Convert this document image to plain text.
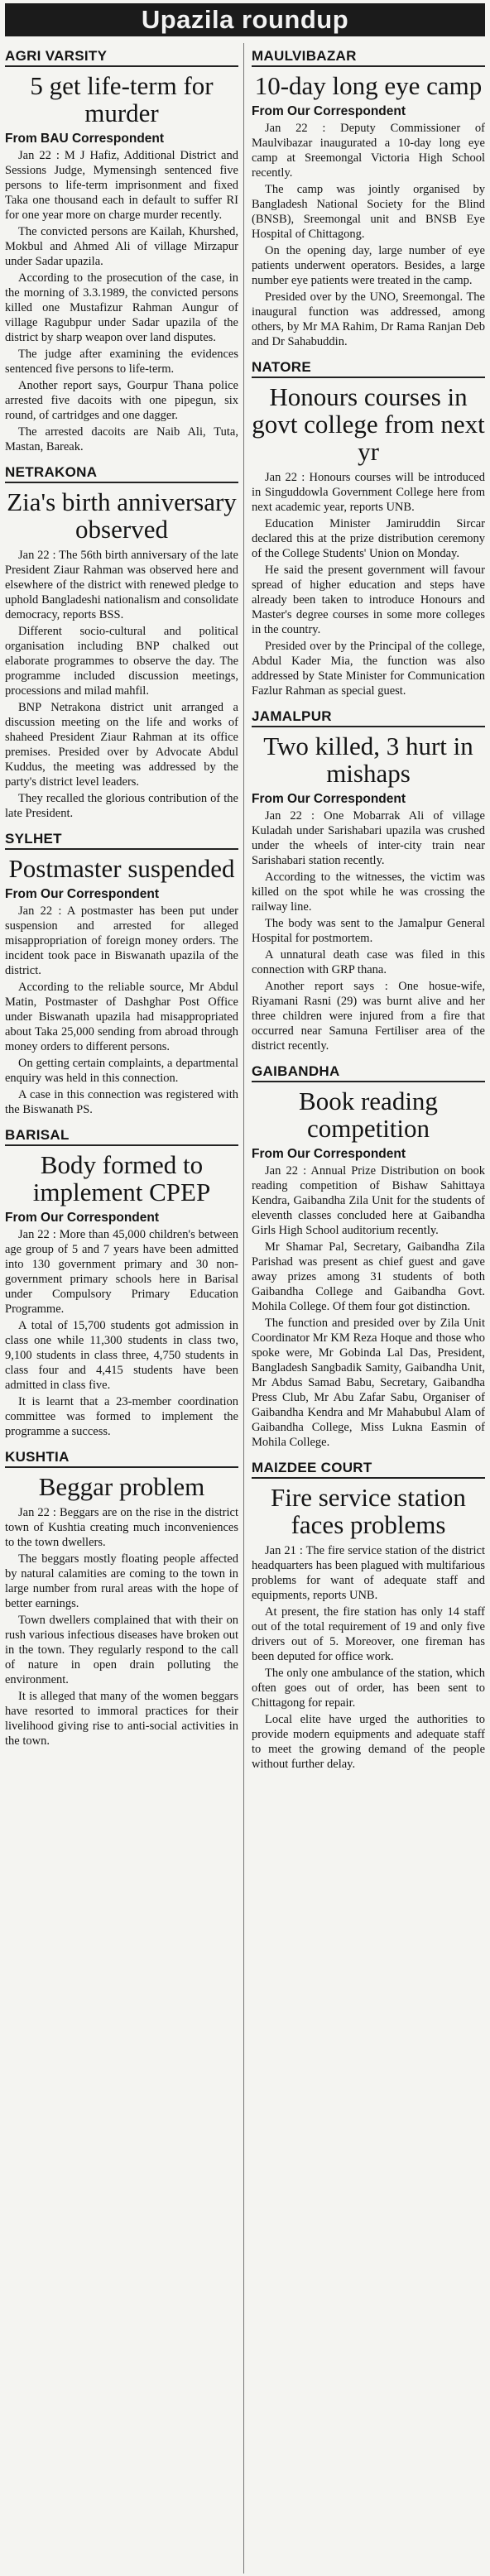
Upazila roundup
AGRI VARSITY
5 get life-term for murder
From BAU Correspondent

Jan 22 : M J Hafiz, Additional District and Sessions Judge, Mymensingh sentenced five persons to life-term imprisonment and fixed Taka one thousand each in default to suffer RI for one year more on charge murder recently.

The convicted persons are Kailah, Khurshed, Mokbul and Ahmed Ali of village Mirzapur under Sadar upazila.

According to the prosecution of the case, in the morning of 3.3.1989, the convicted persons killed one Mustafizur Rahman Aungur of village Ragubpur under Sadar upazila of the district by sharp weapon over land disputes.

The judge after examining the evidences sentenced five persons to life-term.

Another report says, Gourpur Thana police arrested five dacoits with one pipegun, six round, of cartridges and one dagger.

The arrested dacoits are Naib Ali, Tuta, Mastan, Bareak.

NETRAKONA
Zia's birth anniversary observed

Jan 22 : The 56th birth anniversary of the late President Ziaur Rahman was observed here and elsewhere of the district with renewed pledge to uphold Bangladeshi nationalism and consolidate democracy, reports BSS.

Different socio-cultural and political organisation including BNP chalked out elaborate programmes to observe the day. The programme included discussion meetings, processions and milad mahfil.

BNP Netrakona district unit arranged a discussion meeting on the life and works of shaheed President Ziaur Rahman at its office premises. Presided over by Advocate Abdul Kuddus, the meeting was addressed by the party's district level leaders.

They recalled the glorious contribution of the late President.

SYLHET
Postmaster suspended
From Our Correspondent

Jan 22 : A postmaster has been put under suspension and arrested for alleged misappropriation of foreign money orders. The incident took pace in Biswanath upazila of the district.

According to the reliable source, Mr Abdul Matin, Postmaster of Dashghar Post Office under Biswanath upazila had misappropriated about Taka 25,000 sending from abroad through money orders to different persons.

On getting certain complaints, a departmental enquiry was held in this connection.

A case in this connection was registered with the Biswanath PS.

BARISAL
Body formed to implement CPEP
From Our Correspondent

Jan 22 : More than 45,000 children's between age group of 5 and 7 years have been admitted into 130 government primary and 30 non-government primary schools here in Barisal under Compulsory Primary Education Programme.

A total of 15,700 students got admission in class one while 11,300 students in class two, 9,100 students in class three, 4,750 students in class four and 4,415 students have been admitted in class five.

It is learnt that a 23-member coordination committee was formed to implement the programme a success.

KUSHTIA
Beggar problem

Jan 22 : Beggars are on the rise in the district town of Kushtia creating much inconveniences to the town dwellers.

The beggars mostly floating people affected by natural calamities are coming to the town in large number from rural areas with the hope of better earnings.

Town dwellers complained that with their on rush various infectious diseases have broken out in the town. They regularly respond to the call of nature in open drain polluting the environment.

It is alleged that many of the women beggars have resorted to immoral practices for their livelihood giving rise to anti-social activities in the town.

MAULVIBAZAR
10-day long eye camp
From Our Correspondent

Jan 22 : Deputy Commissioner of Maulvibazar inaugurated a 10-day long eye camp at Sreemongal Victoria High School recently.

The camp was jointly organised by Bangladesh National Society for the Blind (BNSB), Sreemongal unit and BNSB Eye Hospital of Chittagong.

On the opening day, large number of eye patients underwent operators. Besides, a large number eye patients were treated in the camp.

Presided over by the UNO, Sreemongal. The inaugural function was addressed, among others, by Mr MA Rahim, Dr Rama Ranjan Deb and Dr Sahabuddin.

NATORE
Honours courses in govt college from next yr

Jan 22 : Honours courses will be introduced in Singuddowla Government College here from next academic year, reports UNB.

Education Minister Jamiruddin Sircar declared this at the prize distribution ceremony of the College Students' Union on Monday.

He said the present government will favour spread of higher education and steps have already been taken to introduce Honours and Master's degree courses in some more colleges in the country.

Presided over by the Principal of the college, Abdul Kader Mia, the function was also addressed by State Minister for Communication Fazlur Rahman as special guest.

JAMALPUR
Two killed, 3 hurt in mishaps
From Our Correspondent

Jan 22 : One Mobarrak Ali of village Kuladah under Sarishabari upazila was crushed under the wheels of inter-city train near Sarishabari station recently.

According to the witnesses, the victim was killed on the spot while he was crossing the railway line.

The body was sent to the Jamalpur General Hospital for postmortem.

A unnatural death case was filed in this connection with GRP thana.

Another report says : One hosue-wife, Riyamani Rasni (29) was burnt alive and her three children were injured from a fire that occurred near Samuna Fertiliser area of the district recently.

GAIBANDHA
Book reading competition
From Our Correspondent

Jan 22 : Annual Prize Distribution on book reading competition of Bishaw Sahittaya Kendra, Gaibandha Zila Unit for the students of eleventh classes concluded here at Gaibandha Girls High School auditorium recently.

Mr Shamar Pal, Secretary, Gaibandha Zila Parishad was present as chief guest and gave away prizes among 31 students of both Gaibandha College and Gaibandha Govt. Mohila College. Of them four got distinction.

The function and presided over by Zila Unit Coordinator Mr KM Reza Hoque and those who spoke were, Mr Gobinda Lal Das, President, Bangladesh Sangbadik Samity, Gaibandha Unit, Mr Abdus Samad Babu, Secretary, Gaibandha Press Club, Mr Abu Zafar Sabu, Organiser of Gaibandha Kendra and Mr Mahabubul Alam of Gaibandha College, Miss Lukna Easmin of Mohila College.

MAIZDEE COURT
Fire service station faces problems

Jan 21 : The fire service station of the district headquarters has been plagued with multifarious problems for want of adequate staff and equipments, reports UNB.

At present, the fire station has only 14 staff out of the total requirement of 19 and only five drivers out of 5. Moreover, one fireman has been deputed for office work.

The only one ambulance of the station, which often goes out of order, has been sent to Chittagong for repair.

Local elite have urged the authorities to provide modern equipments and adequate staff to meet the growing demand of the people without further delay.
